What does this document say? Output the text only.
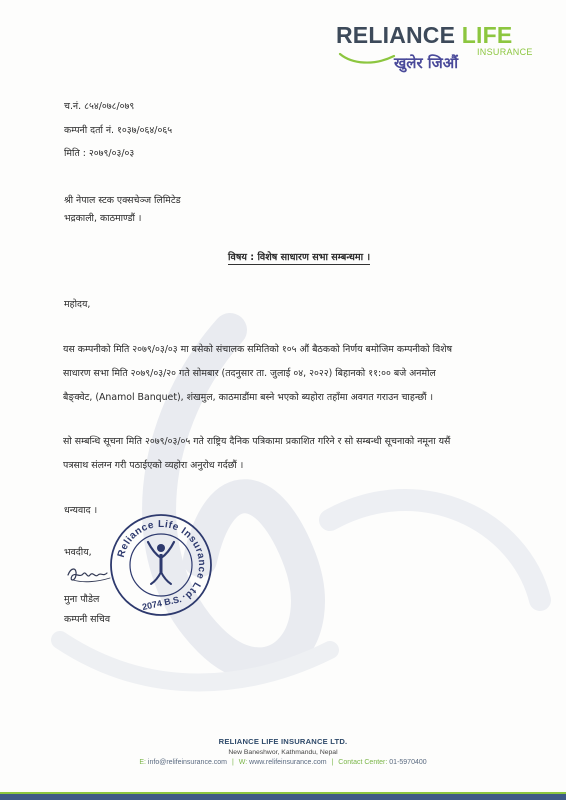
RELIANCE LIFE
INSURANCE
खुलेर जिऔं
च.नं. ८५४/०७८/०७९
कम्पनी दर्ता नं. १०३७/०६४/०६५
मिति : २०७९/०३/०३
श्री नेपाल स्टक एक्सचेञ्ज लिमिटेड
भद्रकाली, काठमाण्डौं ।
विषय : विशेष साधारण सभा सम्बन्धमा ।
महोदय,
यस कम्पनीको मिति २०७९/०३/०३ मा बसेको संचालक समितिको १०५ औं बैठकको निर्णय बमोजिम कम्पनीको विशेष
साधारण सभा मिति २०७९/०३/२० गते सोमबार (तदनुसार ता. जुलाई ०४, २०२२) बिहानको ११:०० बजे अनमोल
बैङ्क्वेट, (Anamol Banquet), शंखमुल, काठमाडौंमा बस्ने भएको ब्यहोरा तहाँमा अवगत गराउन चाहन्छौं ।
सो सम्बन्धि सूचना मिति २०७९/०३/०५ गते राष्ट्रिय दैनिक पत्रिकामा प्रकाशित गरिने र सो सम्बन्धी सूचनाको नमूना यसैं
पत्रसाथ संलग्न गरी पठाईएको व्यहोरा अनुरोध गर्दछौं ।
धन्यवाद ।
भवदीय, Reliance Life Insurance Ltd.
2074 B.S.
मुना पौडेल
कम्पनी सचिव
RELIANCE LIFE INSURANCE LTD.
New Baneshwor, Kathmandu, Nepal
E: info@relifeinsurance.com | W: www.relifeinsurance.com | Contact Center: 01-5970400
